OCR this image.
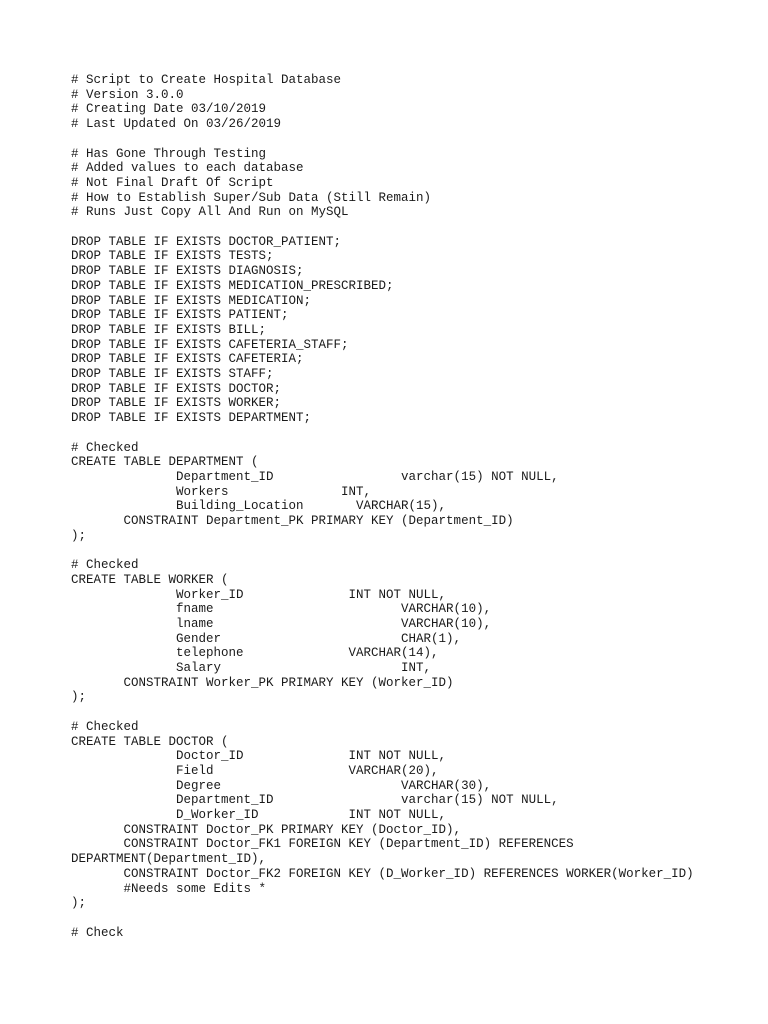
# Script to Create Hospital Database
# Version 3.0.0
# Creating Date 03/10/2019
# Last Updated On 03/26/2019
# Has Gone Through Testing
# Added values to each database
# Not Final Draft Of Script
# How to Establish Super/Sub Data (Still Remain)
# Runs Just Copy All And Run on MySQL
DROP TABLE IF EXISTS DOCTOR_PATIENT;
DROP TABLE IF EXISTS TESTS;
DROP TABLE IF EXISTS DIAGNOSIS;
DROP TABLE IF EXISTS MEDICATION_PRESCRIBED;
DROP TABLE IF EXISTS MEDICATION;
DROP TABLE IF EXISTS PATIENT;
DROP TABLE IF EXISTS BILL;
DROP TABLE IF EXISTS CAFETERIA_STAFF;
DROP TABLE IF EXISTS CAFETERIA;
DROP TABLE IF EXISTS STAFF;
DROP TABLE IF EXISTS DOCTOR;
DROP TABLE IF EXISTS WORKER;
DROP TABLE IF EXISTS DEPARTMENT;
# Checked
CREATE TABLE DEPARTMENT (
Department_ID                 varchar(15) NOT NULL,
Workers               INT,
Building_Location       VARCHAR(15),
CONSTRAINT Department_PK PRIMARY KEY (Department_ID)
);
# Checked
CREATE TABLE WORKER (
Worker_ID              INT NOT NULL,
fname                         VARCHAR(10),
lname                         VARCHAR(10),
Gender                        CHAR(1),
telephone              VARCHAR(14),
Salary                        INT,
CONSTRAINT Worker_PK PRIMARY KEY (Worker_ID)
);
# Checked
CREATE TABLE DOCTOR (
Doctor_ID              INT NOT NULL,
Field                  VARCHAR(20),
Degree                        VARCHAR(30),
Department_ID                 varchar(15) NOT NULL,
D_Worker_ID            INT NOT NULL,
CONSTRAINT Doctor_PK PRIMARY KEY (Doctor_ID),
CONSTRAINT Doctor_FK1 FOREIGN KEY (Department_ID) REFERENCES
DEPARTMENT(Department_ID),
CONSTRAINT Doctor_FK2 FOREIGN KEY (D_Worker_ID) REFERENCES WORKER(Worker_ID)
#Needs some Edits *
);
# Check
